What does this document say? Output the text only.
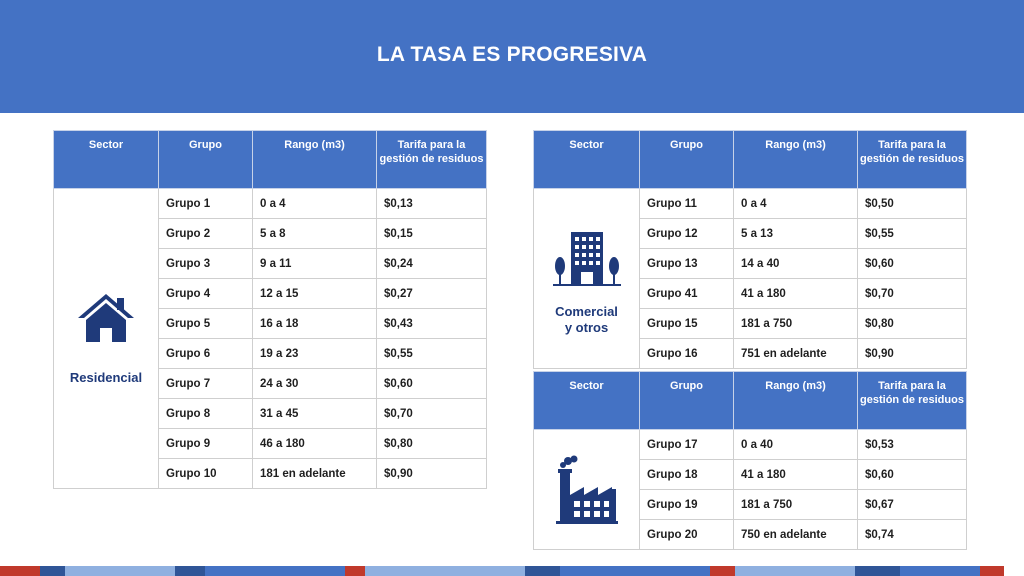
LA TASA ES PROGRESIVA
Sector	Grupo	Rango (m3)	Tarifa para la gestión de residuos

Residencial	Grupo 1	0 a 4	$0,13
	Grupo 2	5 a 8	$0,15
	Grupo 3	9 a 11	$0,24
	Grupo 4	12 a 15	$0,27
	Grupo 5	16 a 18	$0,43
	Grupo 6	19 a 23	$0,55
	Grupo 7	24 a 30	$0,60
	Grupo 8	31 a 45	$0,70
	Grupo 9	46 a 180	$0,80
	Grupo 10	181 en adelante	$0,90
Sector	Grupo	Rango (m3)	Tarifa para la gestión de residuos

Comercial
y otros	Grupo 11	0 a 4	$0,50
	Grupo 12	5 a 13	$0,55
	Grupo 13	14 a 40	$0,60
	Grupo 41	41 a 180	$0,70
	Grupo 15	181 a 750	$0,80
	Grupo 16	751 en adelante	$0,90
Sector	Grupo	Rango (m3)	Tarifa para la gestión de residuos

	Grupo 17	0 a 40	$0,53
	Grupo 18	41 a 180	$0,60
	Grupo 19	181 a 750	$0,67
	Grupo 20	750 en adelante	$0,74
